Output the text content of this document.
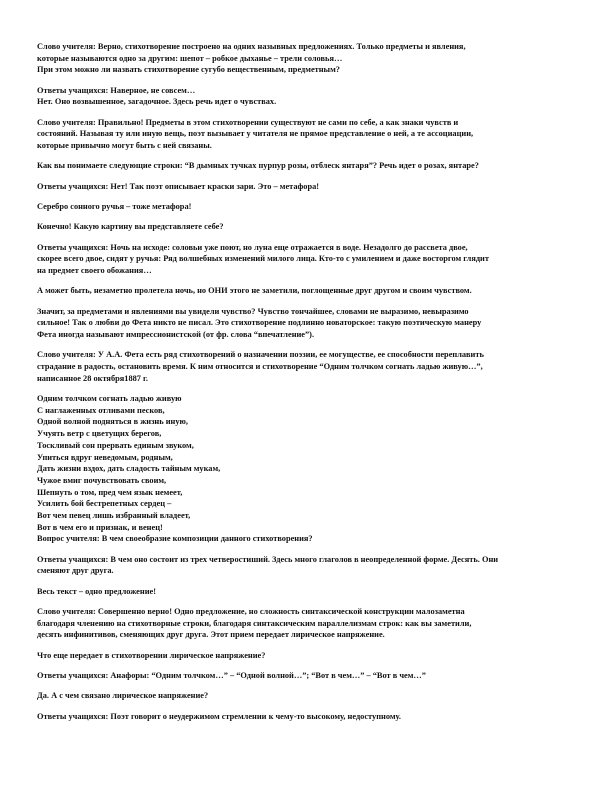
Слово учителя: Верно, стихотворение построено на одних назывных предложениях. Только предметы и явления,
которые называются одно за другим: шепот – робкое дыханье – трели соловья…
При этом можно ли назвать стихотворение сугубо вещественным, предметным?
Ответы учащихся: Наверное, не совсем…
Нет. Оно возвышенное, загадочное. Здесь речь идет о чувствах.
Слово учителя: Правильно! Предметы в этом стихотворении существуют не сами по себе, а как знаки чувств и
состояний. Называя ту или иную вещь, поэт вызывает у читателя не прямое представление о ней, а те ассоциации,
которые привычно могут быть с ней связаны.
Как вы понимаете следующие строки: “В дымных тучках пурпур розы, отблеск янтаря”? Речь идет о розах, янтаре?
Ответы учащихся: Нет! Так поэт описывает краски зари. Это – метафора!
Серебро сонного ручья – тоже метафора!
Конечно! Какую картину вы представляете себе?
Ответы учащихся: Ночь на исходе: соловьи уже поют, но луна еще отражается в воде. Незадолго до рассвета двое,
скорее всего двое, сидят у ручья: Ряд волшебных изменений милого лица. Кто-то с умилением и даже восторгом глядит
на предмет своего обожания…
А может быть, незаметно пролетела ночь, но ОНИ этого не заметили, поглощенные друг другом и своим чувством.
Значит, за предметами и явлениями вы увидели чувство? Чувство тончайшее, словами не выразимо, невыразимо
сильное! Так о любви до Фета никто не писал. Это стихотворение подлинно новаторское: такую поэтическую манеру
Фета иногда называют импрессионистской (от фр. слова “впечатление”).
Слово учителя: У А.А. Фета есть ряд стихотворений о назначении поэзии, ее могуществе, ее способности переплавить
страдание в радость, остановить время. К ним относится и стихотворение “Одним толчком согнать ладью живую…”,
написанное 28 октября1887 г.
Одним толчком согнать ладью живую
С наглаженных отливами песков,
Одной волной подняться в жизнь иную,
Учуять ветр с цветущих берегов,
Тоскливый сон прервать единым звуком,
Упиться вдруг неведомым, родным,
Дать жизни вздох, дать сладость тайным мукам,
Чужое вмиг почувствовать своим,
Шепнуть о том, пред чем язык немеет,
Усилить бой бестрепетных сердец –
Вот чем певец лишь избранный владеет,
Вот в чем его и признак, и венец!
Вопрос учителя: В чем своеобразие композиции данного стихотворения?
Ответы учащихся: В чем оно состоит из трех четверостиший. Здесь много глаголов в неопределенной форме. Десять. Они
сменяют друг друга.
Весь текст – одно предложение!
Слово учителя: Совершенно верно! Одно предложение, но сложность синтаксической конструкции малозаметна
благодаря членению на стихотворные строки, благодаря синтаксическим параллелизмам строк: как вы заметили,
десять инфинитивов, сменяющих друг друга. Этот прием передает лирическое напряжение.
Что еще передает в стихотворении лирическое напряжение?
Ответы учащихся: Анафоры: “Одним толчком…” – “Одной волной…”; “Вот в чем…” – “Вот в чем…”
Да. А с чем связано лирическое напряжение?
Ответы учащихся: Поэт говорит о неудержимом стремлении к чему-то высокому, недоступному.
